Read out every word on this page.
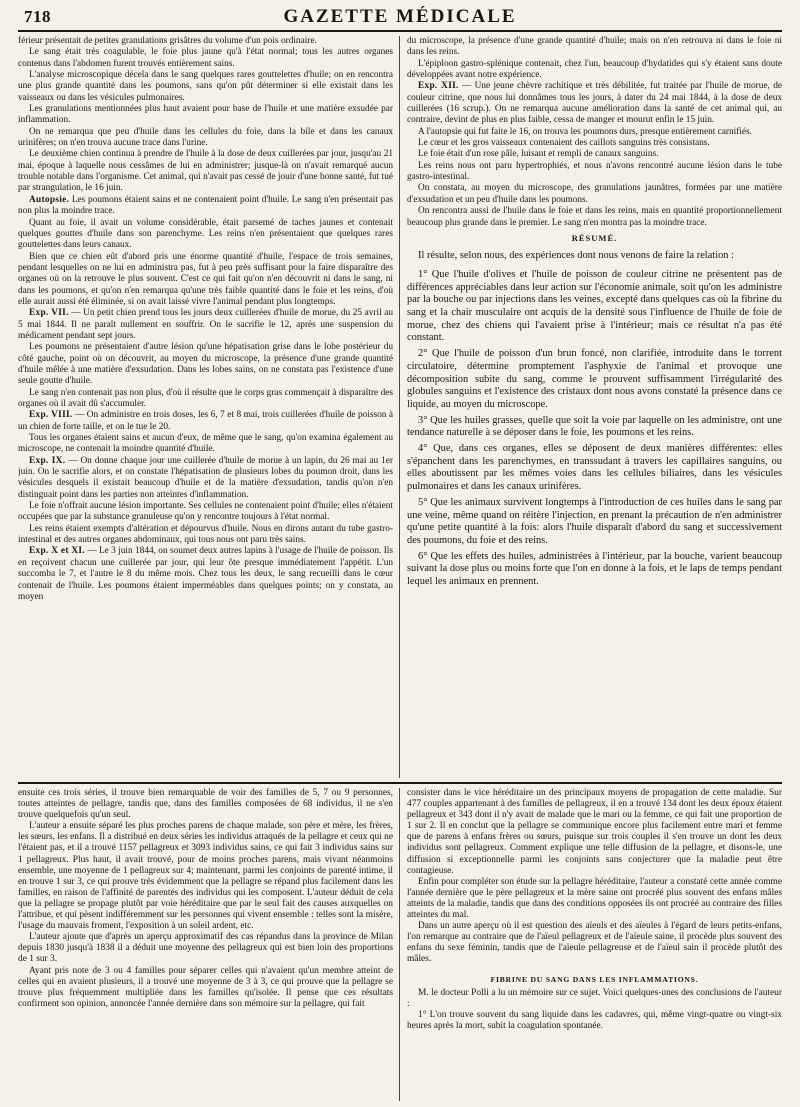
718	GAZETTE MÉDICALE

férieur présentait de petites granulations grisâtres du volume d'un pois ordinaire.

Le sang était très coagulable, le foie plus jaune qu'à l'état normal; tous les autres organes contenus dans l'abdomen furent trouvés entièrement sains.

L'analyse microscopique décela dans le sang quelques rares gouttelettes d'huile; on en rencontra une plus grande quantité dans les poumons, sans qu'on pût déterminer si elle existait dans les vaisseaux ou dans les vésicules pulmonaires.

Les granulations mentionnées plus haut avaient pour base de l'huile et une matière exsudée par inflammation.

On ne remarqua que peu d'huile dans les cellules du foie, dans la bile et dans les canaux urinifères; on n'en trouva aucune trace dans l'urine.

Le deuxième chien continua à prendre de l'huile à la dose de deux cuillerées par jour, jusqu'au 21 mai, époque à laquelle nous cessâmes de lui en administrer; jusque-là on n'avait remarqué aucun trouble notable dans l'organisme. Cet animal, qui n'avait pas cessé de jouir d'une bonne santé, fut tué par strangulation, le 16 juin.

Autopsie. Les poumons étaient sains et ne contenaient point d'huile. Le sang n'en présentait pas non plus la moindre trace.

Quant au foie, il avait un volume considérable, était parsemé de taches jaunes et contenait quelques gouttes d'huile dans son parenchyme. Les reins n'en présentaient que quelques rares gouttelettes dans leurs canaux.

Bien que ce chien eût d'abord pris une énorme quantité d'huile, l'espace de trois semaines, pendant lesquelles on ne lui en administra pas, fut à peu près suffisant pour la faire disparaître des organes où on la retrouve le plus souvent. C'est ce qui fait qu'on n'en découvrit ni dans le sang, ni dans les poumons, et qu'on n'en remarqua qu'une très faible quantité dans le foie et les reins, d'où elle aurait aussi été éliminée, si on avait laissé vivre l'animal pendant plus longtemps.

Exp. VII. — Un petit chien prend tous les jours deux cuillerées d'huile de morue, du 25 avril au 5 mai 1844. Il ne paraît nullement en souffrir. On le sacrifie le 12, après une suspension du médicament pendant sept jours.

Les poumons ne présentaient d'autre lésion qu'une hépatisation grise dans le lobe postérieur du côté gauche, point où on découvrit, au moyen du microscope, la présence d'une grande quantité d'huile mêlée à une matière d'exsudation. Dans les lobes sains, on ne constata pas l'existence d'une seule goutte d'huile.

Le sang n'en contenait pas non plus, d'où il résulte que le corps gras commençait à disparaître des organes où il avait dû s'accumuler.

Exp. VIII. — On administre en trois doses, les 6, 7 et 8 mai, trois cuillerées d'huile de poisson à un chien de forte taille, et on le tue le 20.

Tous les organes étaient sains et aucun d'eux, de même que le sang, qu'on examina également au microscope, ne contenait la moindre quantité d'huile.

Exp. IX. — On donne chaque jour une cuillerée d'huile de morue à un lapin, du 26 mai au 1er juin. On le sacrifie alors, et on constate l'hépatisation de plusieurs lobes du poumon droit, dans les vésicules desquels il existait beaucoup d'huile et de la matière d'exsudation, tandis qu'on n'en distinguait point dans les parties non atteintes d'inflammation.

Le foie n'offrait aucune lésion importante. Ses cellules ne contenaient point d'huile; elles n'étaient occupées que par la substance granuleuse qu'on y rencontre toujours à l'état normal.

Les reins étaient exempts d'altération et dépourvus d'huile. Nous en dirons autant du tube gastro-intestinal et des autres organes abdominaux, qui tous nous ont paru très sains.

Exp. X et XI. — Le 3 juin 1844, on soumet deux autres lapins à l'usage de l'huile de poisson. Ils en reçoivent chacun une cuillerée par jour, qui leur ôte presque immédiatement l'appétit. L'un succomba le 7, et l'autre le 8 du même mois. Chez tous les deux, le sang recueilli dans le cœur contenait de l'huile. Les poumons étaient imperméables dans quelques points; on y constata, au moyen

du microscope, la présence d'une grande quantité d'huile; mais on n'en retrouva ni dans le foie ni dans les reins.

L'épiploon gastro-splénique contenait, chez l'un, beaucoup d'hydatides qui s'y étaient sans doute développées avant notre expérience.

Exp. XII. — Une jeune chèvre rachitique et très débilitée, fut traitée par l'huile de morue, de couleur citrine, que nous lui donnâmes tous les jours, à dater du 24 mai 1844, à la dose de deux cuillerées (16 scrup.). On ne remarqua aucune amélioration dans la santé de cet animal qui, au contraire, devint de plus en plus faible, cessa de manger et mourut enfin le 15 juin.

A l'autopsie qui fut faite le 16, on trouva les poumons durs, presque entièrement carnifiés.

Le cœur et les gros vaisseaux contenaient des caillots sanguins très consistans.

Le foie était d'un rose pâle, luisant et rempli de canaux sanguins.

Les reins nous ont paru hypertrophiés, et nous n'avons rencontré aucune lésion dans le tube gastro-intestinal.

On constata, au moyen du microscope, des granulations jaunâtres, formées par une matière d'exsudation et un peu d'huile dans les poumons.

On rencontra aussi de l'huile dans le foie et dans les reins, mais en quantité proportionnellement beaucoup plus grande dans le premier. Le sang n'en montra pas la moindre trace.

RÉSUMÉ.

Il résulte, selon nous, des expériences dont nous venons de faire la relation :

1° Que l'huile d'olives et l'huile de poisson de couleur citrine ne présentent pas de différences appréciables dans leur action sur l'économie animale, soit qu'on les administre par la bouche ou par injections dans les veines, excepté dans quelques cas où la fibrine du sang et la chair musculaire ont acquis de la densité sous l'influence de l'huile de foie de morue, chez des chiens qui l'avaient prise à l'intérieur; mais ce résultat n'a pas été constant.

2° Que l'huile de poisson d'un brun foncé, non clarifiée, introduite dans le torrent circulatoire, détermine promptement l'asphyxie de l'animal et provoque une décomposition subite du sang, comme le prouvent suffisamment l'irrégularité des globules sanguins et l'existence des cristaux dont nous avons constaté la présence dans ce liquide, au moyen du microscope.

3° Que les huiles grasses, quelle que soit la voie par laquelle on les administre, ont une tendance naturelle à se déposer dans le foie, les poumons et les reins.

4° Que, dans ces organes, elles se déposent de deux manières différentes: elles s'épanchent dans les parenchymes, en transsudant à travers les capillaires sanguins, ou elles aboutissent par les mêmes voies dans les cellules biliaires, dans les vésicules pulmonaires et dans les canaux urinifères.

5° Que les animaux survivent longtemps à l'introduction de ces huiles dans le sang par une veine, même quand on réitère l'injection, en prenant la précaution de n'en administrer qu'une petite quantité à la fois: alors l'huile disparaît d'abord du sang et successivement des poumons, du foie et des reins.

6° Que les effets des huiles, administrées à l'intérieur, par la bouche, varient beaucoup suivant la dose plus ou moins forte que l'on en donne à la fois, et le laps de temps pendant lequel les animaux en prennent.

ensuite ces trois séries, il trouve bien remarquable de voir des familles de 5, 7 ou 9 personnes, toutes atteintes de pellagre, tandis que, dans des familles composées de 68 individus, il ne s'en trouve quelquefois qu'un seul.

L'auteur a ensuite séparé les plus proches parens de chaque malade, son père et mère, les frères, les sœurs, les enfans. Il a distribué en deux séries les individus attaqués de la pellagre et ceux qui ne l'étaient pas, et il a trouvé 1157 pellagreux et 3093 individus sains, ce qui fait 3 individus sains sur 1 pellagreux. Plus haut, il avait trouvé, pour de moins proches parens, mais vivant néanmoins ensemble, une moyenne de 1 pellagreux sur 4; maintenant, parmi les conjoints de parenté intime, il en trouve 1 sur 3, ce qui prouve très évidemment que la pellagre se répand plus facilement dans les familles, en raison de l'affinité de parentés des individus qui les composent. L'auteur déduit de cela que la pellagre se propage plutôt par voie héréditaire que par le seul fait des causes auxquelles on l'attribue, et qui pèsent indifféremment sur les personnes qui vivent ensemble : telles sont la misère, l'usage du mauvais froment, l'exposition à un soleil ardent, etc.

L'auteur ajoute que d'après un aperçu approximatif des cas répandus dans la province de Milan depuis 1830 jusqu'à 1838 il a déduit une moyenne des pellagreux qui est bien loin des proportions de 1 sur 3.

Ayant pris note de 3 ou 4 familles pour séparer celles qui n'avaient qu'un membre atteint de celles qui en avaient plusieurs, il a trouvé une moyenne de 3 à 3, ce qui prouve que la pellagre se trouve plus fréquemment multipliée dans les familles qu'isolée. Il pense que ces résultats confirment son opinion, annoncée l'année dernière dans son mémoire sur la pellagre, qui fait

consister dans le vice héréditaire un des principaux moyens de propagation de cette maladie. Sur 477 couples appartenant à des familles de pellagreux, il en a trouvé 134 dont les deux époux étaient pellagreux et 343 dont il n'y avait de malade que le mari ou la femme, ce qui fait une proportion de 1 sur 2. Il en conclut que la pellagre se communique encore plus facilement entre mari et femme que de parens à enfans frères ou sœurs, puisque sur trois couples il s'en trouve un dont les deux individus sont pellagreux. Comment explique une telle diffusion de la pellagre, et disons-le, une diffusion si exceptionnelle parmi les conjoints sans conjecturer que la maladie peut être contagieuse.

Enfin pour compléter son étude sur la pellagre héréditaire, l'auteur a constaté cette année comme l'année dernière que le père pellagreux et la mère saine ont procréé plus souvent des enfans mâles atteints de la maladie, tandis que dans des conditions opposées ils ont procréé au contraire des filles atteintes du mal.

Dans un autre aperçu où il est question des aïeuls et des aïeules à l'égard de leurs petits-enfans, l'on remarque au contraire que de l'aïeul pellagreux et de l'aïeule saine, il procède plus souvent des enfans du sexe féminin, tandis que de l'aïeule pellagreuse et de l'aïeul sain il procède plutôt des mâles.

FIBRINE DU SANG DANS LES INFLAMMATIONS.

M. le docteur Polli a lu un mémoire sur ce sujet. Voici quelques-unes des conclusions de l'auteur :

1° L'on trouve souvent du sang liquide dans les cadavres, qui, même vingt-quatre ou vingt-six heures après la mort, subit la coagulation spontanée.
